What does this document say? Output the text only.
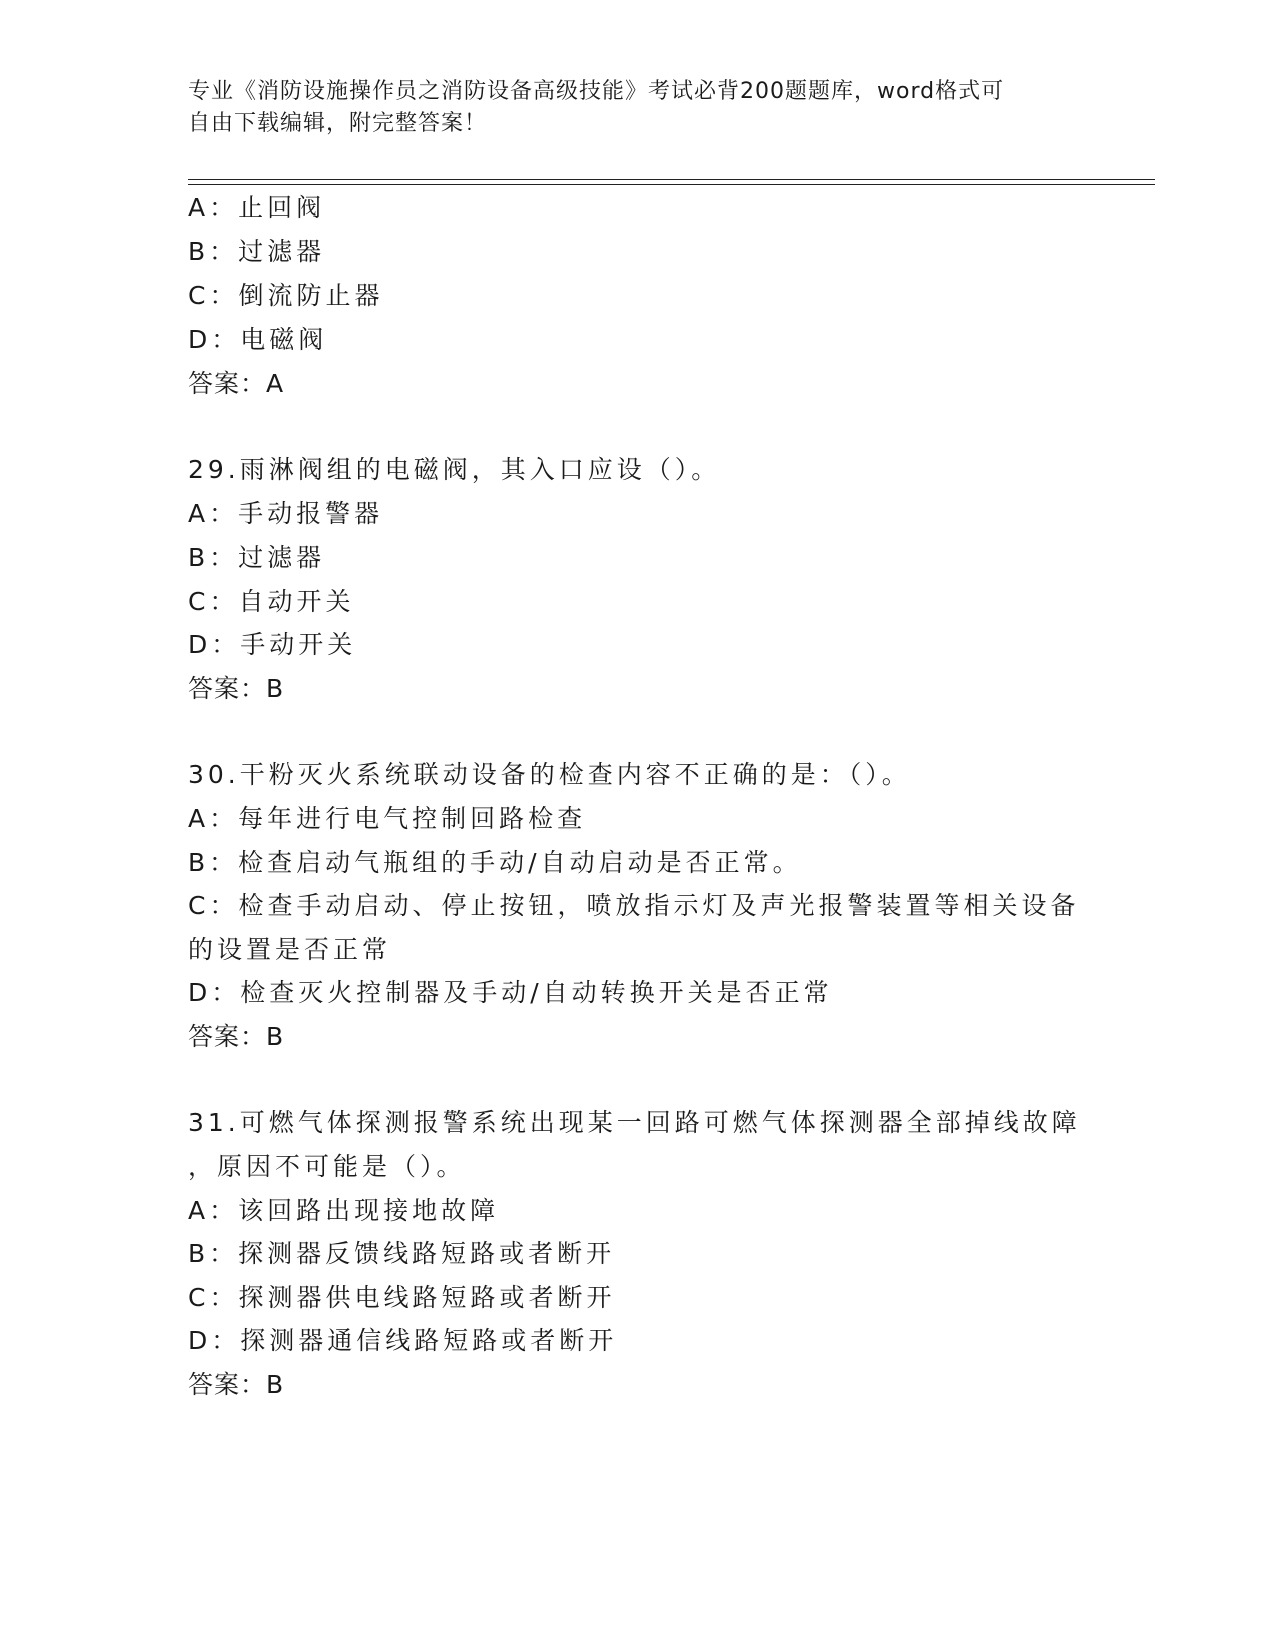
专业《消防设施操作员之消防设备高级技能》考试必背200题题库，word格式可
自由下载编辑，附完整答案！
A：止回阀
B：过滤器
C：倒流防止器
D：电磁阀
答案：A
29.雨淋阀组的电磁阀，其入口应设（）。
A：手动报警器
B：过滤器
C：自动开关
D：手动开关
答案：B
30.干粉灭火系统联动设备的检查内容不正确的是：（）。
A：每年进行电气控制回路检查
B：检查启动气瓶组的手动/自动启动是否正常。
C：检查手动启动、停止按钮，喷放指示灯及声光报警装置等相关设备
的设置是否正常
D：检查灭火控制器及手动/自动转换开关是否正常
答案：B
31.可燃气体探测报警系统出现某一回路可燃气体探测器全部掉线故障
，原因不可能是（）。
A：该回路出现接地故障
B：探测器反馈线路短路或者断开
C：探测器供电线路短路或者断开
D：探测器通信线路短路或者断开
答案：B
